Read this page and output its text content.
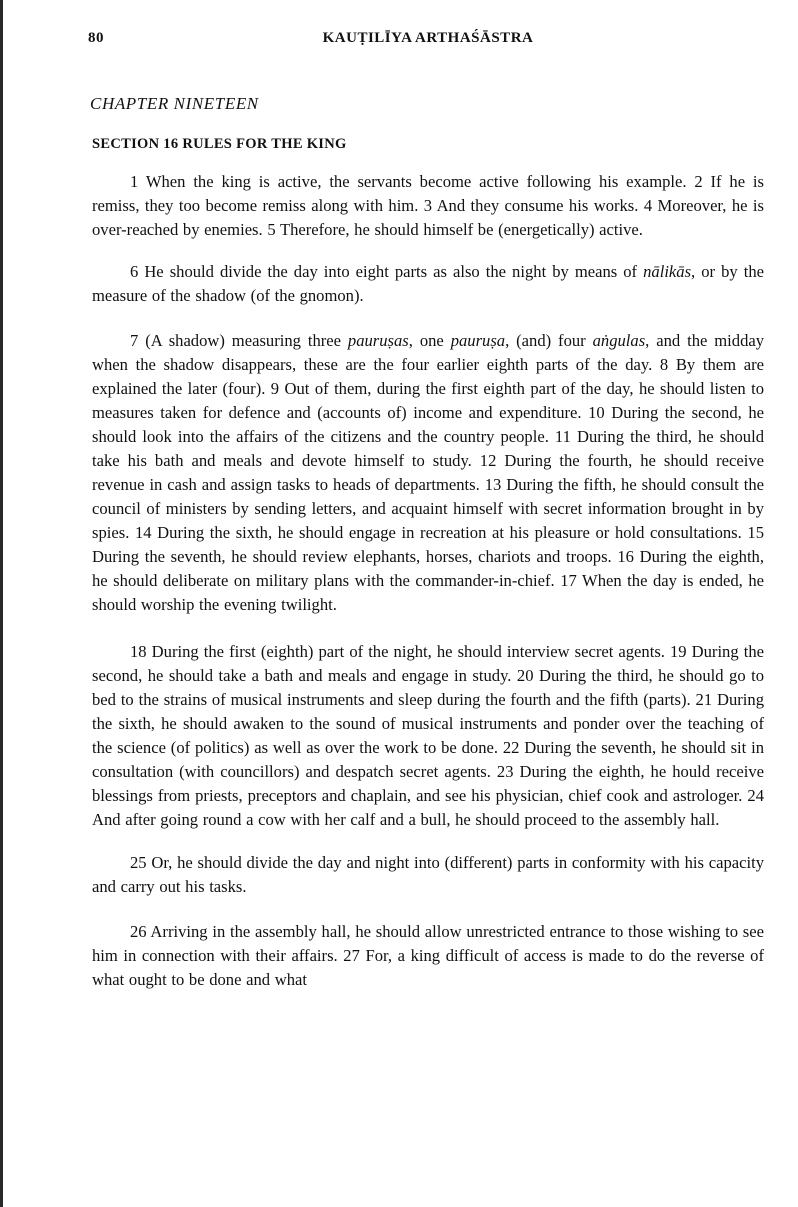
80	KAUṬILĪYA ARTHAŚĀSTRA
CHAPTER NINETEEN
SECTION 16 RULES FOR THE KING

1 When the king is active, the servants become active following his example. 2 If he is remiss, they too become remiss along with him. 3 And they consume his works. 4 Moreover, he is over-reached by enemies. 5 Therefore, he should himself be (energetically) active.

6 He should divide the day into eight parts as also the night by means of nālikās, or by the measure of the shadow (of the gnomon).

7 (A shadow) measuring three pauruṣas, one pauruṣa, (and) four aṅgulas, and the midday when the shadow disappears, these are the four earlier eighth parts of the day. 8 By them are explained the later (four). 9 Out of them, during the first eighth part of the day, he should listen to measures taken for defence and (accounts of) income and expenditure. 10 During the second, he should look into the affairs of the citizens and the country people. 11 During the third, he should take his bath and meals and devote himself to study. 12 During the fourth, he should receive revenue in cash and assign tasks to heads of departments. 13 During the fifth, he should consult the council of ministers by sending letters, and acquaint himself with secret information brought in by spies. 14 During the sixth, he should engage in recreation at his pleasure or hold consultations. 15 During the seventh, he should review elephants, horses, chariots and troops. 16 During the eighth, he should deliberate on military plans with the commander-in-chief. 17 When the day is ended, he should worship the evening twilight.

18 During the first (eighth) part of the night, he should interview secret agents. 19 During the second, he should take a bath and meals and engage in study. 20 During the third, he should go to bed to the strains of musical instruments and sleep during the fourth and the fifth (parts). 21 During the sixth, he should awaken to the sound of musical instruments and ponder over the teaching of the science (of politics) as well as over the work to be done. 22 During the seventh, he should sit in consultation (with councillors) and despatch secret agents. 23 During the eighth, he hould receive blessings from priests, preceptors and chaplain, and see his physician, chief cook and astrologer. 24 And after going round a cow with her calf and a bull, he should proceed to the assembly hall.

25 Or, he should divide the day and night into (different) parts in conformity with his capacity and carry out his tasks.

26 Arriving in the assembly hall, he should allow unrestricted entrance to those wishing to see him in connection with their affairs. 27 For, a king difficult of access is made to do the reverse of what ought to be done and what
